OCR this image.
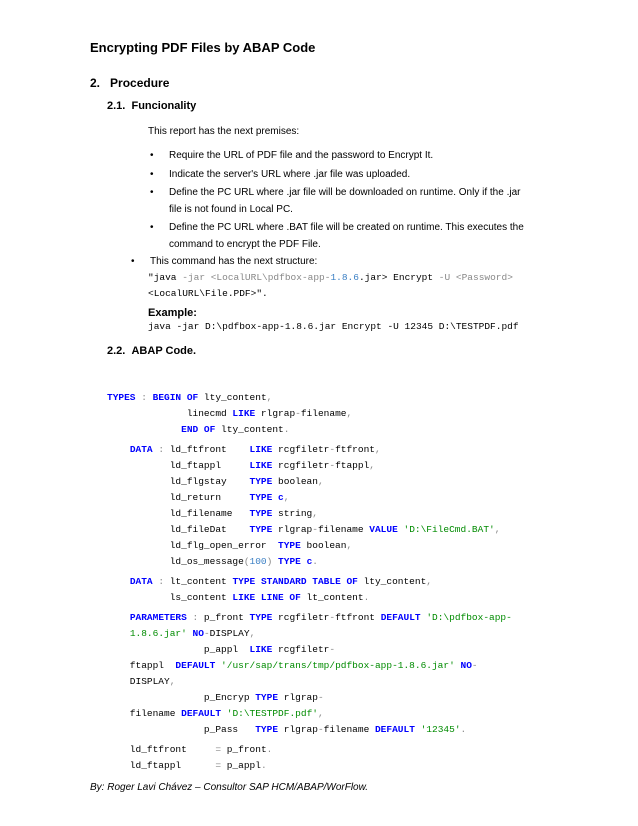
Encrypting PDF Files by ABAP Code
2. Procedure
2.1. Funcionality
This report has the next premises:
• Require the URL of PDF file and the password to Encrypt It.
• Indicate the server's URL where .jar file was uploaded.
• Define the PC URL where .jar file will be downloaded on runtime. Only if the .jar
file is not found in Local PC.
• Define the PC URL where .BAT file will be created on runtime. This executes the
command to encrypt the PDF File.
• This command has the next structure:
"java -jar <LocalURL\pdfbox-app-1.8.6.jar> Encrypt -U <Password>
<LocalURL\File.PDF>".
Example:
java -jar D:\pdfbox-app-1.8.6.jar Encrypt -U 12345 D:\TESTPDF.pdf
2.2. ABAP Code.
TYPES : BEGIN OF lty_content,
linecmd LIKE rlgrap-filename,
END OF lty_content.
DATA : ld_ftfront    LIKE rcgfiletr-ftfront,
ld_ftappl     LIKE rcgfiletr-ftappl,
ld_flgstay    TYPE boolean,
ld_return     TYPE c,
ld_filename   TYPE string,
ld_fileDat    TYPE rlgrap-filename VALUE 'D:\FileCmd.BAT',
ld_flg_open_error  TYPE boolean,
ld_os_message(100) TYPE c.
DATA : lt_content TYPE STANDARD TABLE OF lty_content,
ls_content LIKE LINE OF lt_content.
PARAMETERS : p_front TYPE rcgfiletr-ftfront DEFAULT 'D:\pdfbox-app-
1.8.6.jar' NO-DISPLAY,
p_appl  LIKE rcgfiletr-
ftappl  DEFAULT '/usr/sap/trans/tmp/pdfbox-app-1.8.6.jar' NO-
DISPLAY,
p_Encryp TYPE rlgrap-
filename DEFAULT 'D:\TESTPDF.pdf',
p_Pass   TYPE rlgrap-filename DEFAULT '12345'.
ld_ftfront     = p_front.
ld_ftappl      = p_appl.
By: Roger Lavi Chávez – Consultor SAP HCM/ABAP/WorFlow.
